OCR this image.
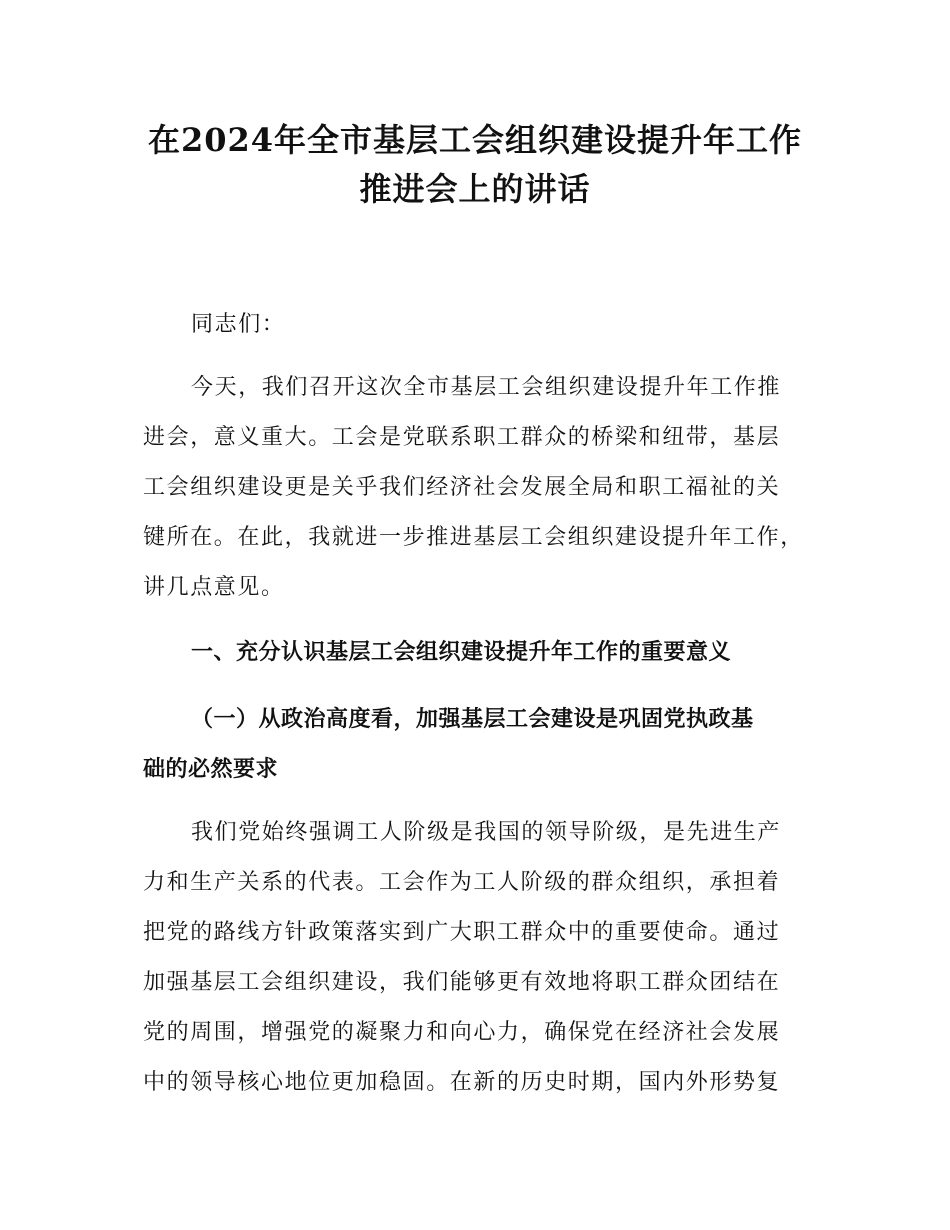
在2024年全市基层工会组织建设提升年工作
推进会上的讲话

同志们：

今天，我们召开这次全市基层工会组织建设提升年工作推

进会，意义重大。工会是党联系职工群众的桥梁和纽带，基层

工会组织建设更是关乎我们经济社会发展全局和职工福祉的关

键所在。在此，我就进一步推进基层工会组织建设提升年工作，

讲几点意见。

一、充分认识基层工会组织建设提升年工作的重要意义

（一）从政治高度看，加强基层工会建设是巩固党执政基

础的必然要求

我们党始终强调工人阶级是我国的领导阶级，是先进生产

力和生产关系的代表。工会作为工人阶级的群众组织，承担着

把党的路线方针政策落实到广大职工群众中的重要使命。通过

加强基层工会组织建设，我们能够更有效地将职工群众团结在

党的周围，增强党的凝聚力和向心力，确保党在经济社会发展

中的领导核心地位更加稳固。在新的历史时期，国内外形势复
